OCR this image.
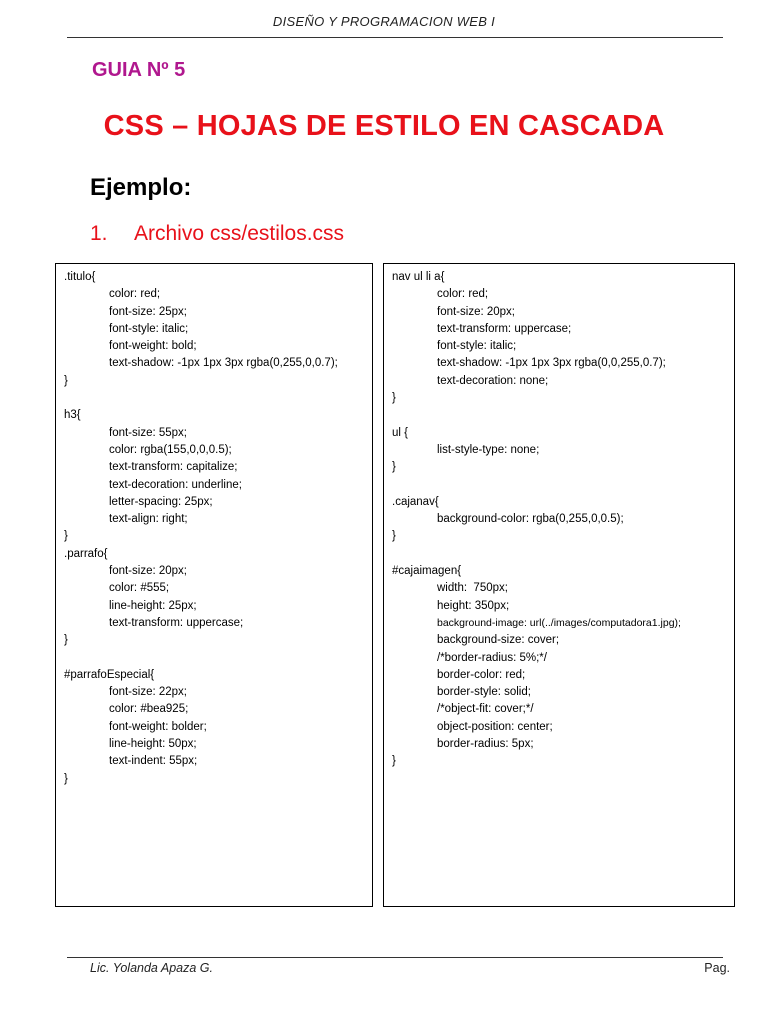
DISEÑO Y PROGRAMACION WEB I
GUIA Nº 5
CSS – HOJAS DE ESTILO EN CASCADA
Ejemplo:
1.	Archivo css/estilos.css
.titulo{
color: red;
font-size: 25px;
font-style: italic;
font-weight: bold;
text-shadow: -1px 1px 3px rgba(0,255,0,0.7);
}
h3{
font-size: 55px;
color: rgba(155,0,0,0.5);
text-transform: capitalize;
text-decoration: underline;
letter-spacing: 25px;
text-align: right;
}
.parrafo{
font-size: 20px;
color: #555;
line-height: 25px;
text-transform: uppercase;
}
#parrafoEspecial{
font-size: 22px;
color: #bea925;
font-weight: bolder;
line-height: 50px;
text-indent: 55px;
}
nav ul li a{
color: red;
font-size: 20px;
text-transform: uppercase;
font-style: italic;
text-shadow: -1px 1px 3px rgba(0,0,255,0.7);
text-decoration: none;
}
ul {
list-style-type: none;
}
.cajanav{
background-color: rgba(0,255,0,0.5);
}
#cajaimagen{
width:  750px;
height: 350px;
background-image: url(../images/computadora1.jpg);
background-size: cover;
/*border-radius: 5%;*/
border-color: red;
border-style: solid;
/*object-fit: cover;*/
object-position: center;
border-radius: 5px;
}
Lic. Yolanda Apaza G.	Pag.
